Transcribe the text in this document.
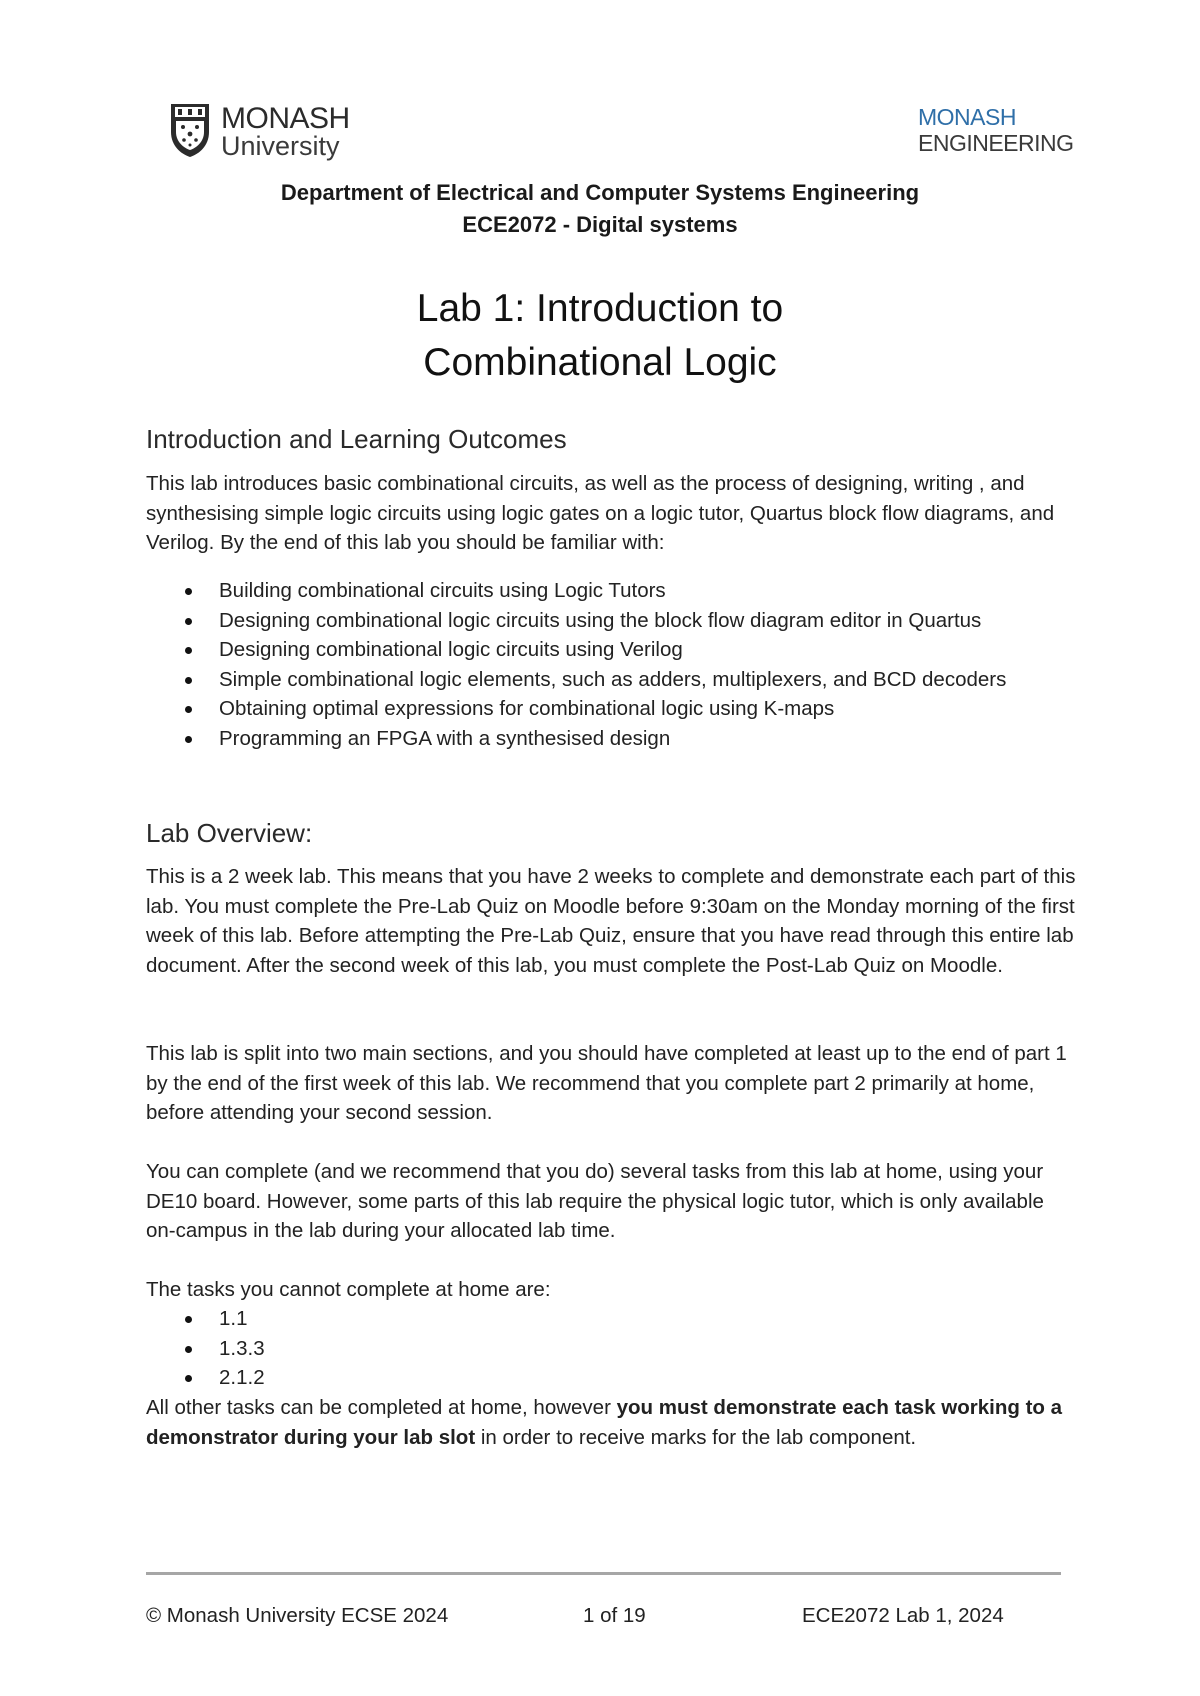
MONASH
University
MONASH
ENGINEERING
Department of Electrical and Computer Systems Engineering
ECE2072 - Digital systems
Lab 1: Introduction to
Combinational Logic
Introduction and Learning Outcomes
This lab introduces basic combinational circuits, as well as the process of designing, writing , and synthesising simple logic circuits using logic gates on a logic tutor, Quartus block flow diagrams, and Verilog. By the end of this lab you should be familiar with:
Building combinational circuits using Logic Tutors
Designing combinational logic circuits using the block flow diagram editor in Quartus
Designing combinational logic circuits using Verilog
Simple combinational logic elements, such as adders, multiplexers, and BCD decoders
Obtaining optimal expressions for combinational logic using K-maps
Programming an FPGA with a synthesised design
Lab Overview:
This is a 2 week lab. This means that you have 2 weeks to complete and demonstrate each part of this lab. You must complete the Pre-Lab Quiz on Moodle before 9:30am on the Monday morning of the first week of this lab. Before attempting the Pre-Lab Quiz, ensure that you have read through this entire lab document. After the second week of this lab, you must complete the Post-Lab Quiz on Moodle.
This lab is split into two main sections, and you should have completed at least up to the end of part 1 by the end of the first week of this lab. We recommend that you complete part 2 primarily at home, before attending your second session.
You can complete (and we recommend that you do) several tasks from this lab at home, using your DE10 board. However, some parts of this lab require the physical logic tutor, which is only available on-campus in the lab during your allocated lab time.
The tasks you cannot complete at home are:
1.1
1.3.3
2.1.2
All other tasks can be completed at home, however you must demonstrate each task working to a demonstrator during your lab slot in order to receive marks for the lab component.
© Monash University ECSE 2024	1 of 19	ECE2072 Lab 1, 2024
